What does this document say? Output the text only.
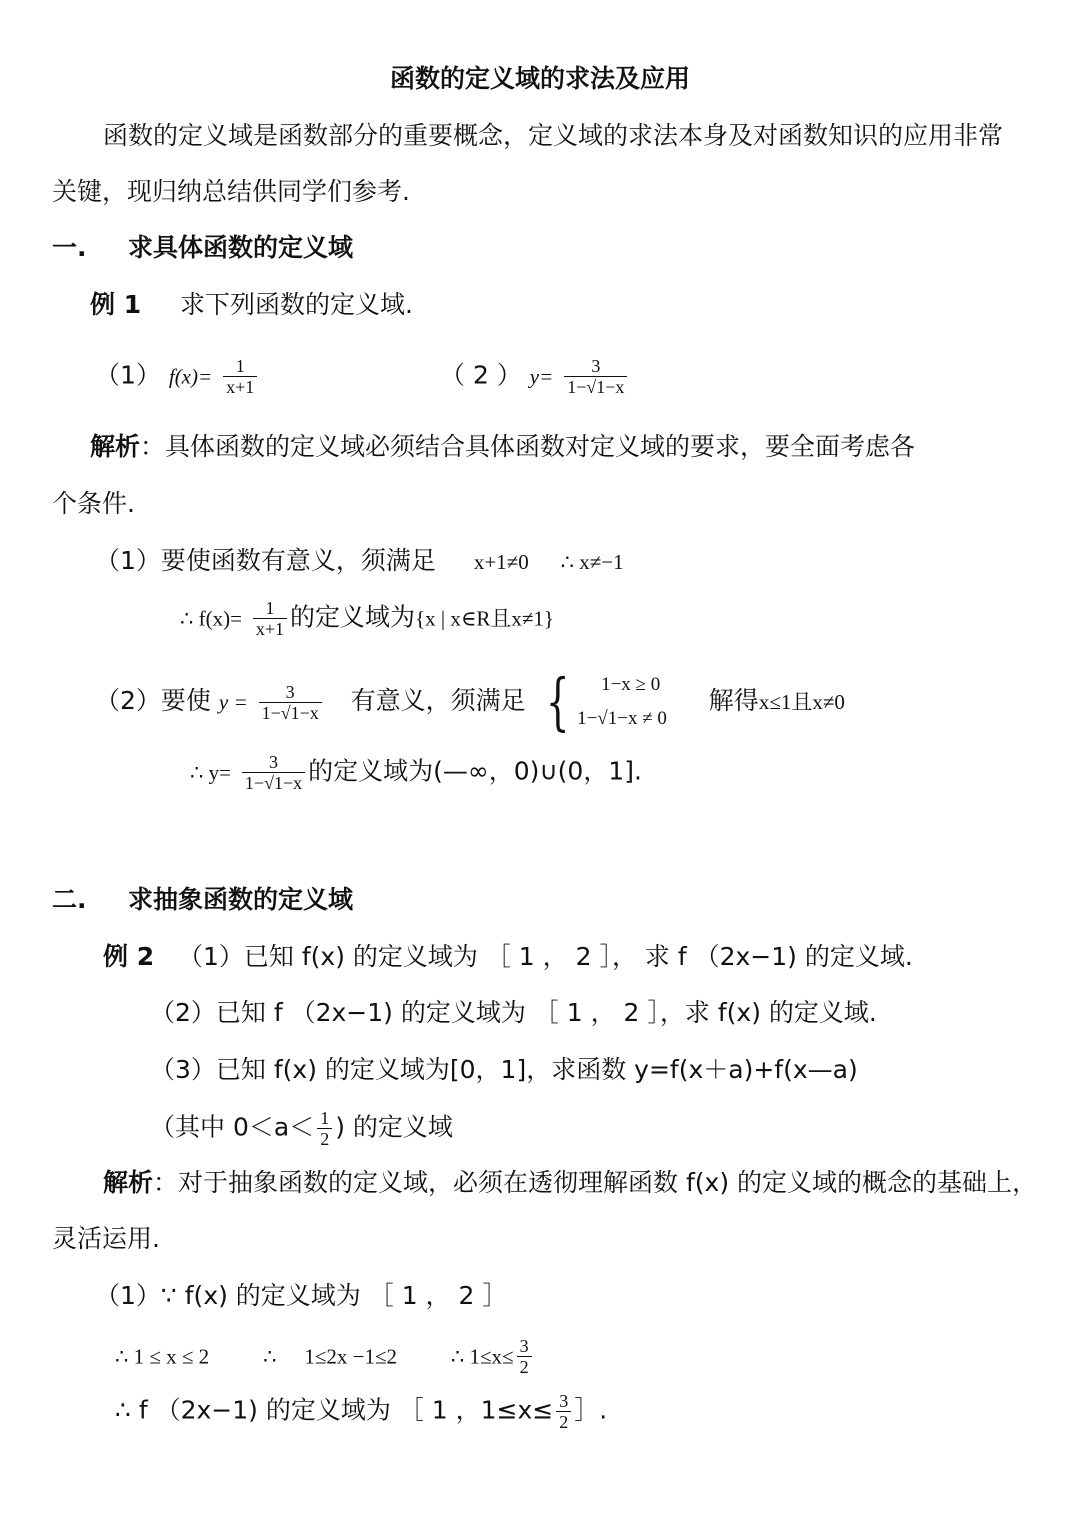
函数的定义域的求法及应用
函数的定义域是函数部分的重要概念，定义域的求法本身及对函数知识的应用非常
关键，现归纳总结供同学们参考.
一. 求具体函数的定义域
例 1 求下列函数的定义域.
（1） $f(x)= \frac{1}{x+1}$	（ 2 ） $y= \frac{3}{1-√1-x}$
解析：具体函数的定义域必须结合具体函数对定义域的要求，要全面考虑各
个条件.
（1）要使函数有意义，须满足 x+1≠0 ∴ x≠−1
∴ $f(x)= \frac{1}{x+1}$ 的定义域为{x | x∈R且x≠1}
（2）要使 $y = \frac{3}{1-√1-x}$ 有意义，须满足 {	1−x ≥ 0
1−√1−x ≠ 0
解得x≤1且x≠0
∴ $y= \frac{3}{1-√1-x}$ 的定义域为(—∞，0)∪(0，1].
二. 求抽象函数的定义域
例 2 （1）已知 f(x) 的定义域为 ［ 1 ， 2 ］， 求 f （2x−1) 的定义域.
（2）已知 f （2x−1) 的定义域为 ［ 1 ， 2 ］，求 f(x) 的定义域.
（3）已知 f(x) 的定义域为[0，1]，求函数 y=f(x＋a)+f(x—a)
（其中 $0<a< \frac{1}{2}$ ) 的定义域
解析：对于抽象函数的定义域，必须在透彻理解函数 f(x) 的定义域的概念的基础上，
灵活运用.
（1）∵ f(x) 的定义域为 ［ 1 ， 2 ］
∴ 1 ≤ x ≤ 2	∴ 1≤2x −1≤2	∴ $1\le x\le \frac{3}{2}$
∴ f （2x−1) 的定义域为 ［ 1 ，$1\le x\le \frac{3}{2}$ ］.
